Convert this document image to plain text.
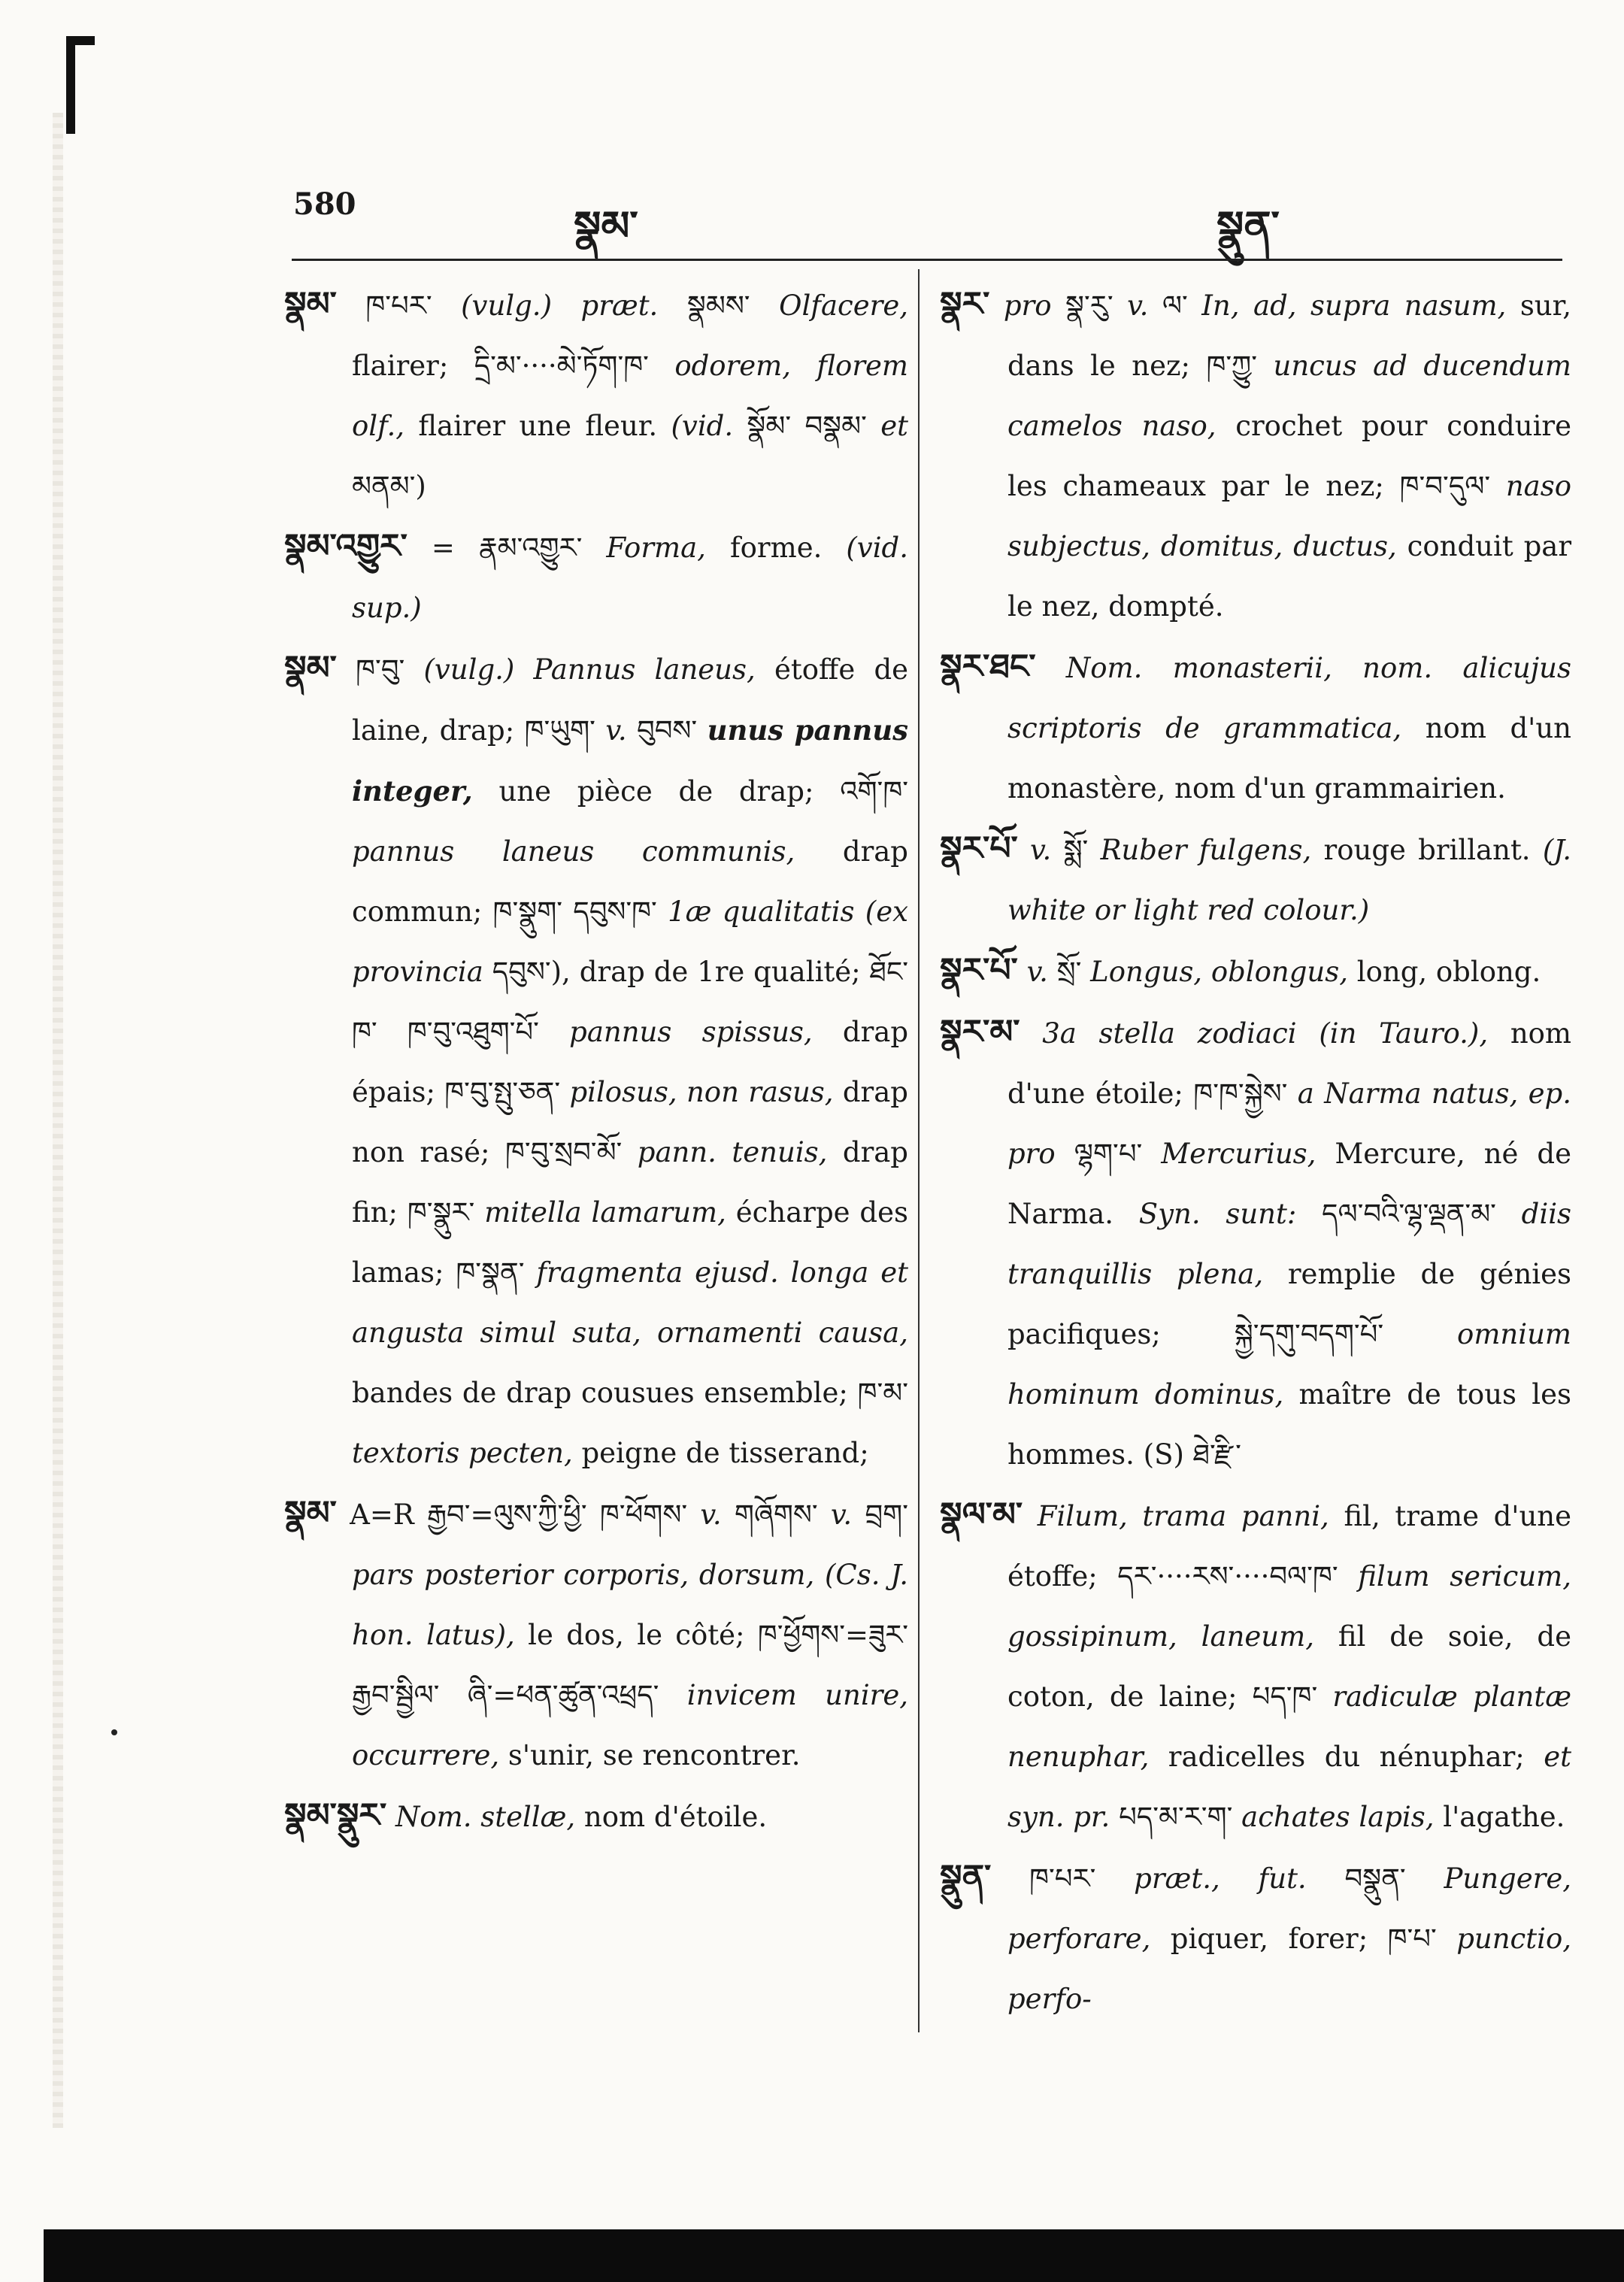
580	སྣམ་	སྣུན་

སྣམ་ ཁ་པར་ (vulg.) præt. སྣམས་ Olfacere, flairer; དྲི་མ་····མེ་ཏོག་ཁ་ odorem, florem olf., flairer une fleur. (vid. སྣོམ་ བསྣམ་ et མནམ་)

སྣམ་འགྱུར་ = རྣམ་འགྱུར་ Forma, forme. (vid. sup.)

སྣམ་ ཁ་བུ་ (vulg.) Pannus laneus, étoffe de laine, drap; ཁ་ཡུག་ v. བུབས་ unus pannus integer, une pièce de drap; འགོ་ཁ་ pannus laneus communis, drap commun; ཁ་སྣུག་ དབུས་ཁ་ 1æ qualitatis (ex provincia དབུས་), drap de 1re qualité; ཐོང་ཁ་ ཁ་བུ་འཐུག་པོ་ pannus spissus, drap épais; ཁ་བུ་སྤུ་ཅན་ pilosus, non rasus, drap non rasé; ཁ་བུ་སྲབ་མོ་ pann. tenuis, drap fin; ཁ་སྣུར་ mitella lamarum, écharpe des lamas; ཁ་སྣན་ fragmenta ejusd. longa et angusta simul suta, ornamenti causa, bandes de drap cousues ensemble; ཁ་མ་ textoris pecten, peigne de tisserand;

སྣམ་ A=R རྒྱབ་=ལུས་ཀྱི་ཕྱི་ ཁ་ཕོགས་ v. གཞོགས་ v. བྲག་ pars posterior corporis, dorsum, (Cs. J. hon. latus), le dos, le côté; ཁ་ཕྱོགས་=ཟུར་རྒྱབ་སྦྱིལ་ ཞི་=ཕན་ཚུན་འཕྲད་ invicem unire, occurrere, s'unir, se rencontrer.

སྣམ་སྣུར་ Nom. stellæ, nom d'étoile.

སྣར་ pro སྣ་རུ་ v. ལ་ In, ad, supra nasum, sur, dans le nez; ཁ་ཀྱུ་ uncus ad ducendum camelos naso, crochet pour conduire les chameaux par le nez; ཁ་བ་དུལ་ naso subjectus, domitus, ductus, conduit par le nez, dompté.

སྣར་ཐང་ Nom. monasterii, nom. alicujus scriptoris de grammatica, nom d'un monastère, nom d'un grammairien.

སྣར་པོ་ v. སྨོ་ Ruber fulgens, rouge brillant. (J. white or light red colour.)

སྣར་པོ་ v. སྲོ་ Longus, oblongus, long, oblong.

སྣར་མ་ 3a stella zodiaci (in Tauro.), nom d'une étoile; ཁ་ཁ་སྐྱེས་ a Narma natus, ep. pro ལྷག་པ་ Mercurius, Mercure, né de Narma. Syn. sunt: དལ་བའི་ལྷ་ལྡན་མ་ diis tranquillis plena, remplie de génies pacifiques; སྐྱེ་དགུ་བདག་པོ་ omnium hominum dominus, maître de tous les hommes. (S) ཐེ་རྫི་

སྣལ་མ་ Filum, trama panni, fil, trame d'une étoffe; དར་····རས་····བལ་ཁ་ filum sericum, gossipinum, laneum, fil de soie, de coton, de laine; པད་ཁ་ radiculæ plantæ nenuphar, radicelles du nénuphar; et syn. pr. པད་མ་ར་ག་ achates lapis, l'agathe.

སྣུན་ ཁ་པར་ præt., fut. བསྣུན་ Pungere, perforare, piquer, forer; ཁ་པ་ punctio, perfo-
